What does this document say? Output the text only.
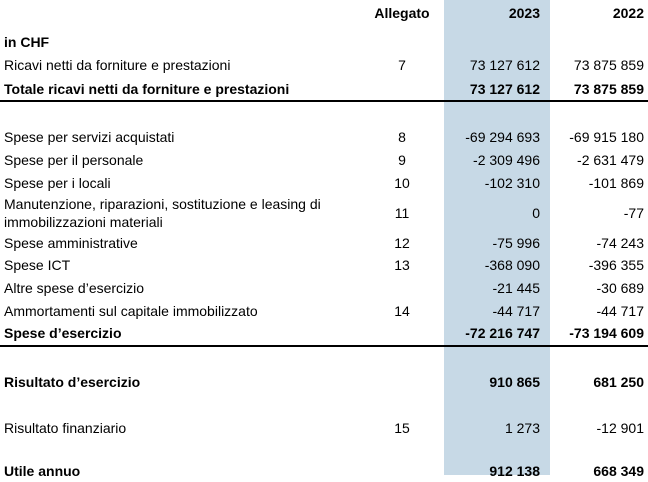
	Allegato	2023	2022
in CHF			
Ricavi netti da forniture e prestazioni	7	73 127 612	73 875 859
Totale ricavi netti da forniture e prestazioni		73 127 612	73 875 859

Spese per servizi acquistati	8	-69 294 693	-69 915 180
Spese per il personale	9	-2 309 496	-2 631 479
Spese per i locali	10	-102 310	-101 869
Manutenzione, riparazioni, sostituzione e leasing di immobilizzazioni materiali	11	0	-77
Spese amministrative	12	-75 996	-74 243
Spese ICT	13	-368 090	-396 355
Altre spese d’esercizio		-21 445	-30 689
Ammortamenti sul capitale immobilizzato	14	-44 717	-44 717
Spese d’esercizio		-72 216 747	-73 194 609

Risultato d’esercizio		910 865	681 250

Risultato finanziario	15	1 273	-12 901

Utile annuo		912 138	668 349
